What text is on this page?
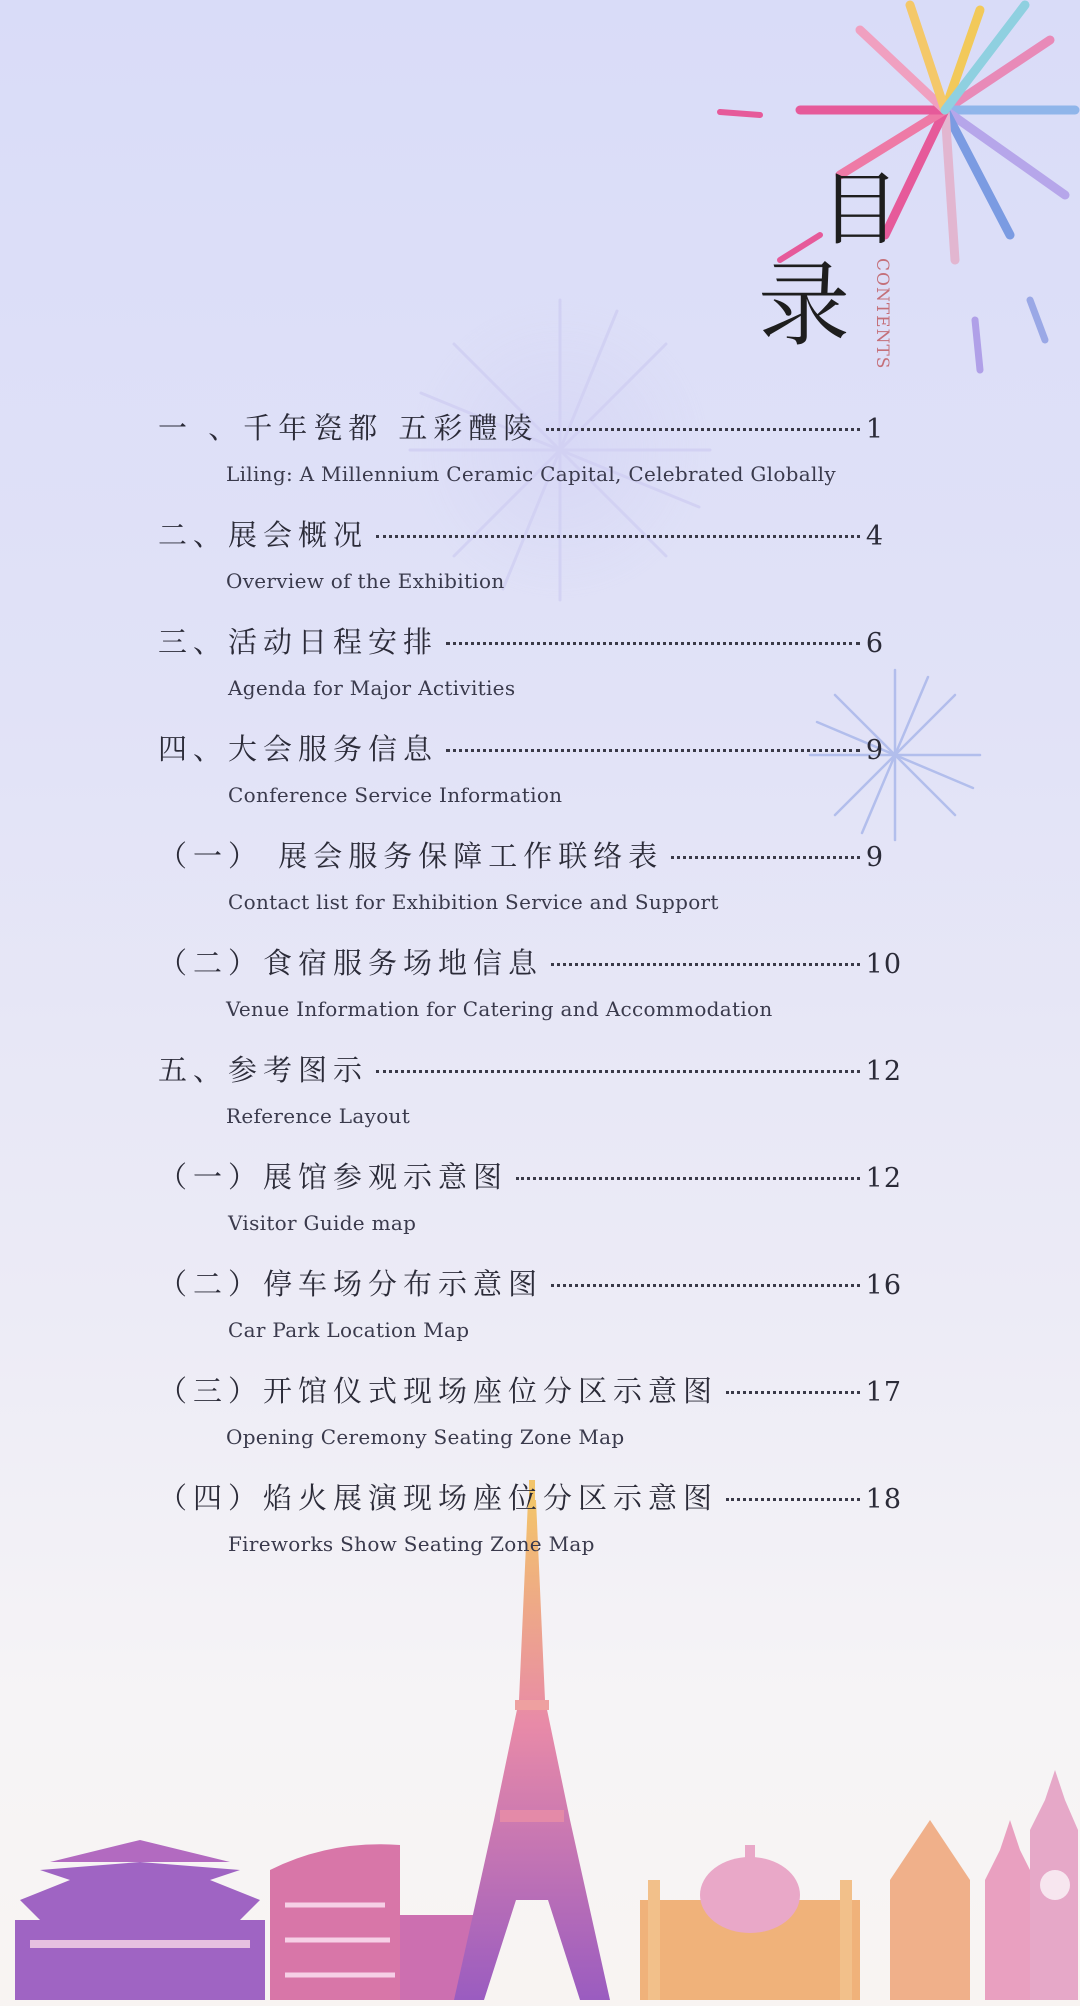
目
录 CONTENTS
一 、千年瓷都 五彩醴陵	1
Liling: A Millennium Ceramic Capital, Celebrated Globally
二、展会概况	4
Overview of the Exhibition
三、活动日程安排	6
Agenda for Major Activities
四、大会服务信息	9
Conference Service Information
（一） 展会服务保障工作联络表	9
Contact list for Exhibition Service and Support
（二）食宿服务场地信息	10
Venue Information for Catering and Accommodation
五、参考图示	12
Reference Layout
（一）展馆参观示意图	12
Visitor Guide map
（二）停车场分布示意图	16
Car Park Location Map
（三）开馆仪式现场座位分区示意图	17
Opening Ceremony Seating Zone Map
（四）焰火展演现场座位分区示意图	18
Fireworks Show Seating Zone Map
